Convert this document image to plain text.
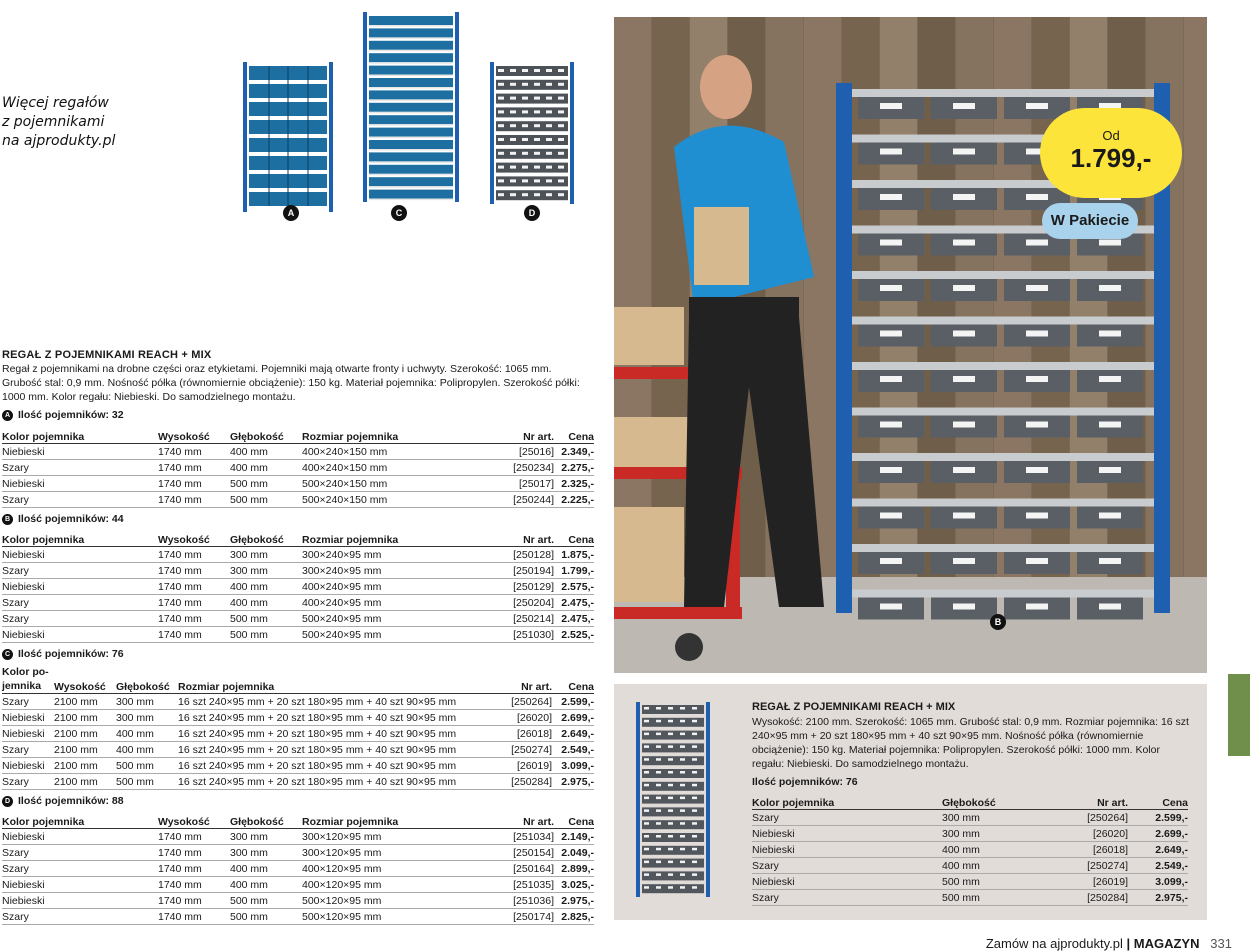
Więcej regałów
z pojemnikami
na ajprodukty.pl
A	C	D
REGAŁ Z POJEMNIKAMI REACH + MIX
Regał z pojemnikami na drobne części oraz etykietami. Pojemniki mają otwarte fronty i uchwyty. Szerokość: 1065 mm. Grubość stal: 0,9 mm. Nośność półka (równomiernie obciążenie): 150 kg. Materiał pojemnika: Polipropylen. Szerokość półki: 1000 mm. Kolor regału: Niebieski. Do samodzielnego montażu.
A Ilość pojemników: 32
Kolor pojemnika	Wysokość	Głębokość	Rozmiar pojemnika	Nr art.	Cena
Niebieski	1740 mm	400 mm	400×240×150 mm	[25016]	2.349,-
Szary	1740 mm	400 mm	400×240×150 mm	[250234]	2.275,-
Niebieski	1740 mm	500 mm	500×240×150 mm	[25017]	2.325,-
Szary	1740 mm	500 mm	500×240×150 mm	[250244]	2.225,-
B Ilość pojemników: 44
Kolor pojemnika	Wysokość	Głębokość	Rozmiar pojemnika	Nr art.	Cena
Niebieski	1740 mm	300 mm	300×240×95 mm	[250128]	1.875,-
Szary	1740 mm	300 mm	300×240×95 mm	[250194]	1.799,-
Niebieski	1740 mm	400 mm	400×240×95 mm	[250129]	2.575,-
Szary	1740 mm	400 mm	400×240×95 mm	[250204]	2.475,-
Szary	1740 mm	500 mm	500×240×95 mm	[250214]	2.475,-
Niebieski	1740 mm	500 mm	500×240×95 mm	[251030]	2.525,-
C Ilość pojemników: 76
Kolor po-
jemnika	Wysokość	Głębokość	Rozmiar pojemnika	Nr art.	Cena
Szary	2100 mm	300 mm	16 szt 240×95 mm + 20 szt 180×95 mm + 40 szt 90×95 mm	[250264]	2.599,-
Niebieski	2100 mm	300 mm	16 szt 240×95 mm + 20 szt 180×95 mm + 40 szt 90×95 mm	[26020]	2.699,-
Niebieski	2100 mm	400 mm	16 szt 240×95 mm + 20 szt 180×95 mm + 40 szt 90×95 mm	[26018]	2.649,-
Szary	2100 mm	400 mm	16 szt 240×95 mm + 20 szt 180×95 mm + 40 szt 90×95 mm	[250274]	2.549,-
Niebieski	2100 mm	500 mm	16 szt 240×95 mm + 20 szt 180×95 mm + 40 szt 90×95 mm	[26019]	3.099,-
Szary	2100 mm	500 mm	16 szt 240×95 mm + 20 szt 180×95 mm + 40 szt 90×95 mm	[250284]	2.975,-
D Ilość pojemników: 88
Kolor pojemnika	Wysokość	Głębokość	Rozmiar pojemnika	Nr art.	Cena
Niebieski	1740 mm	300 mm	300×120×95 mm	[251034]	2.149,-
Szary	1740 mm	300 mm	300×120×95 mm	[250154]	2.049,-
Szary	1740 mm	400 mm	400×120×95 mm	[250164]	2.899,-
Niebieski	1740 mm	400 mm	400×120×95 mm	[251035]	3.025,-
Niebieski	1740 mm	500 mm	500×120×95 mm	[251036]	2.975,-
Szary	1740 mm	500 mm	500×120×95 mm	[250174]	2.825,-
Od
1.799,-
W Pakiecie
B
REGAŁ Z POJEMNIKAMI REACH + MIX
Wysokość: 2100 mm. Szerokość: 1065 mm. Grubość stal: 0,9 mm. Rozmiar pojemnika: 16 szt 240×95 mm + 20 szt 180×95 mm + 40 szt 90×95 mm. Nośność półka (równomiernie obciążenie): 150 kg. Materiał pojemnika: Polipropylen. Szerokość półki: 1000 mm. Kolor regału: Niebieski. Do samodzielnego montażu.
Ilość pojemników: 76
Kolor pojemnika	Głębokość	Nr art.	Cena
Szary	300 mm	[250264]	2.599,-
Niebieski	300 mm	[26020]	2.699,-
Niebieski	400 mm	[26018]	2.649,-
Szary	400 mm	[250274]	2.549,-
Niebieski	500 mm	[26019]	3.099,-
Szary	500 mm	[250284]	2.975,-
Zamów na ajprodukty.pl | MAGAZYN 331
